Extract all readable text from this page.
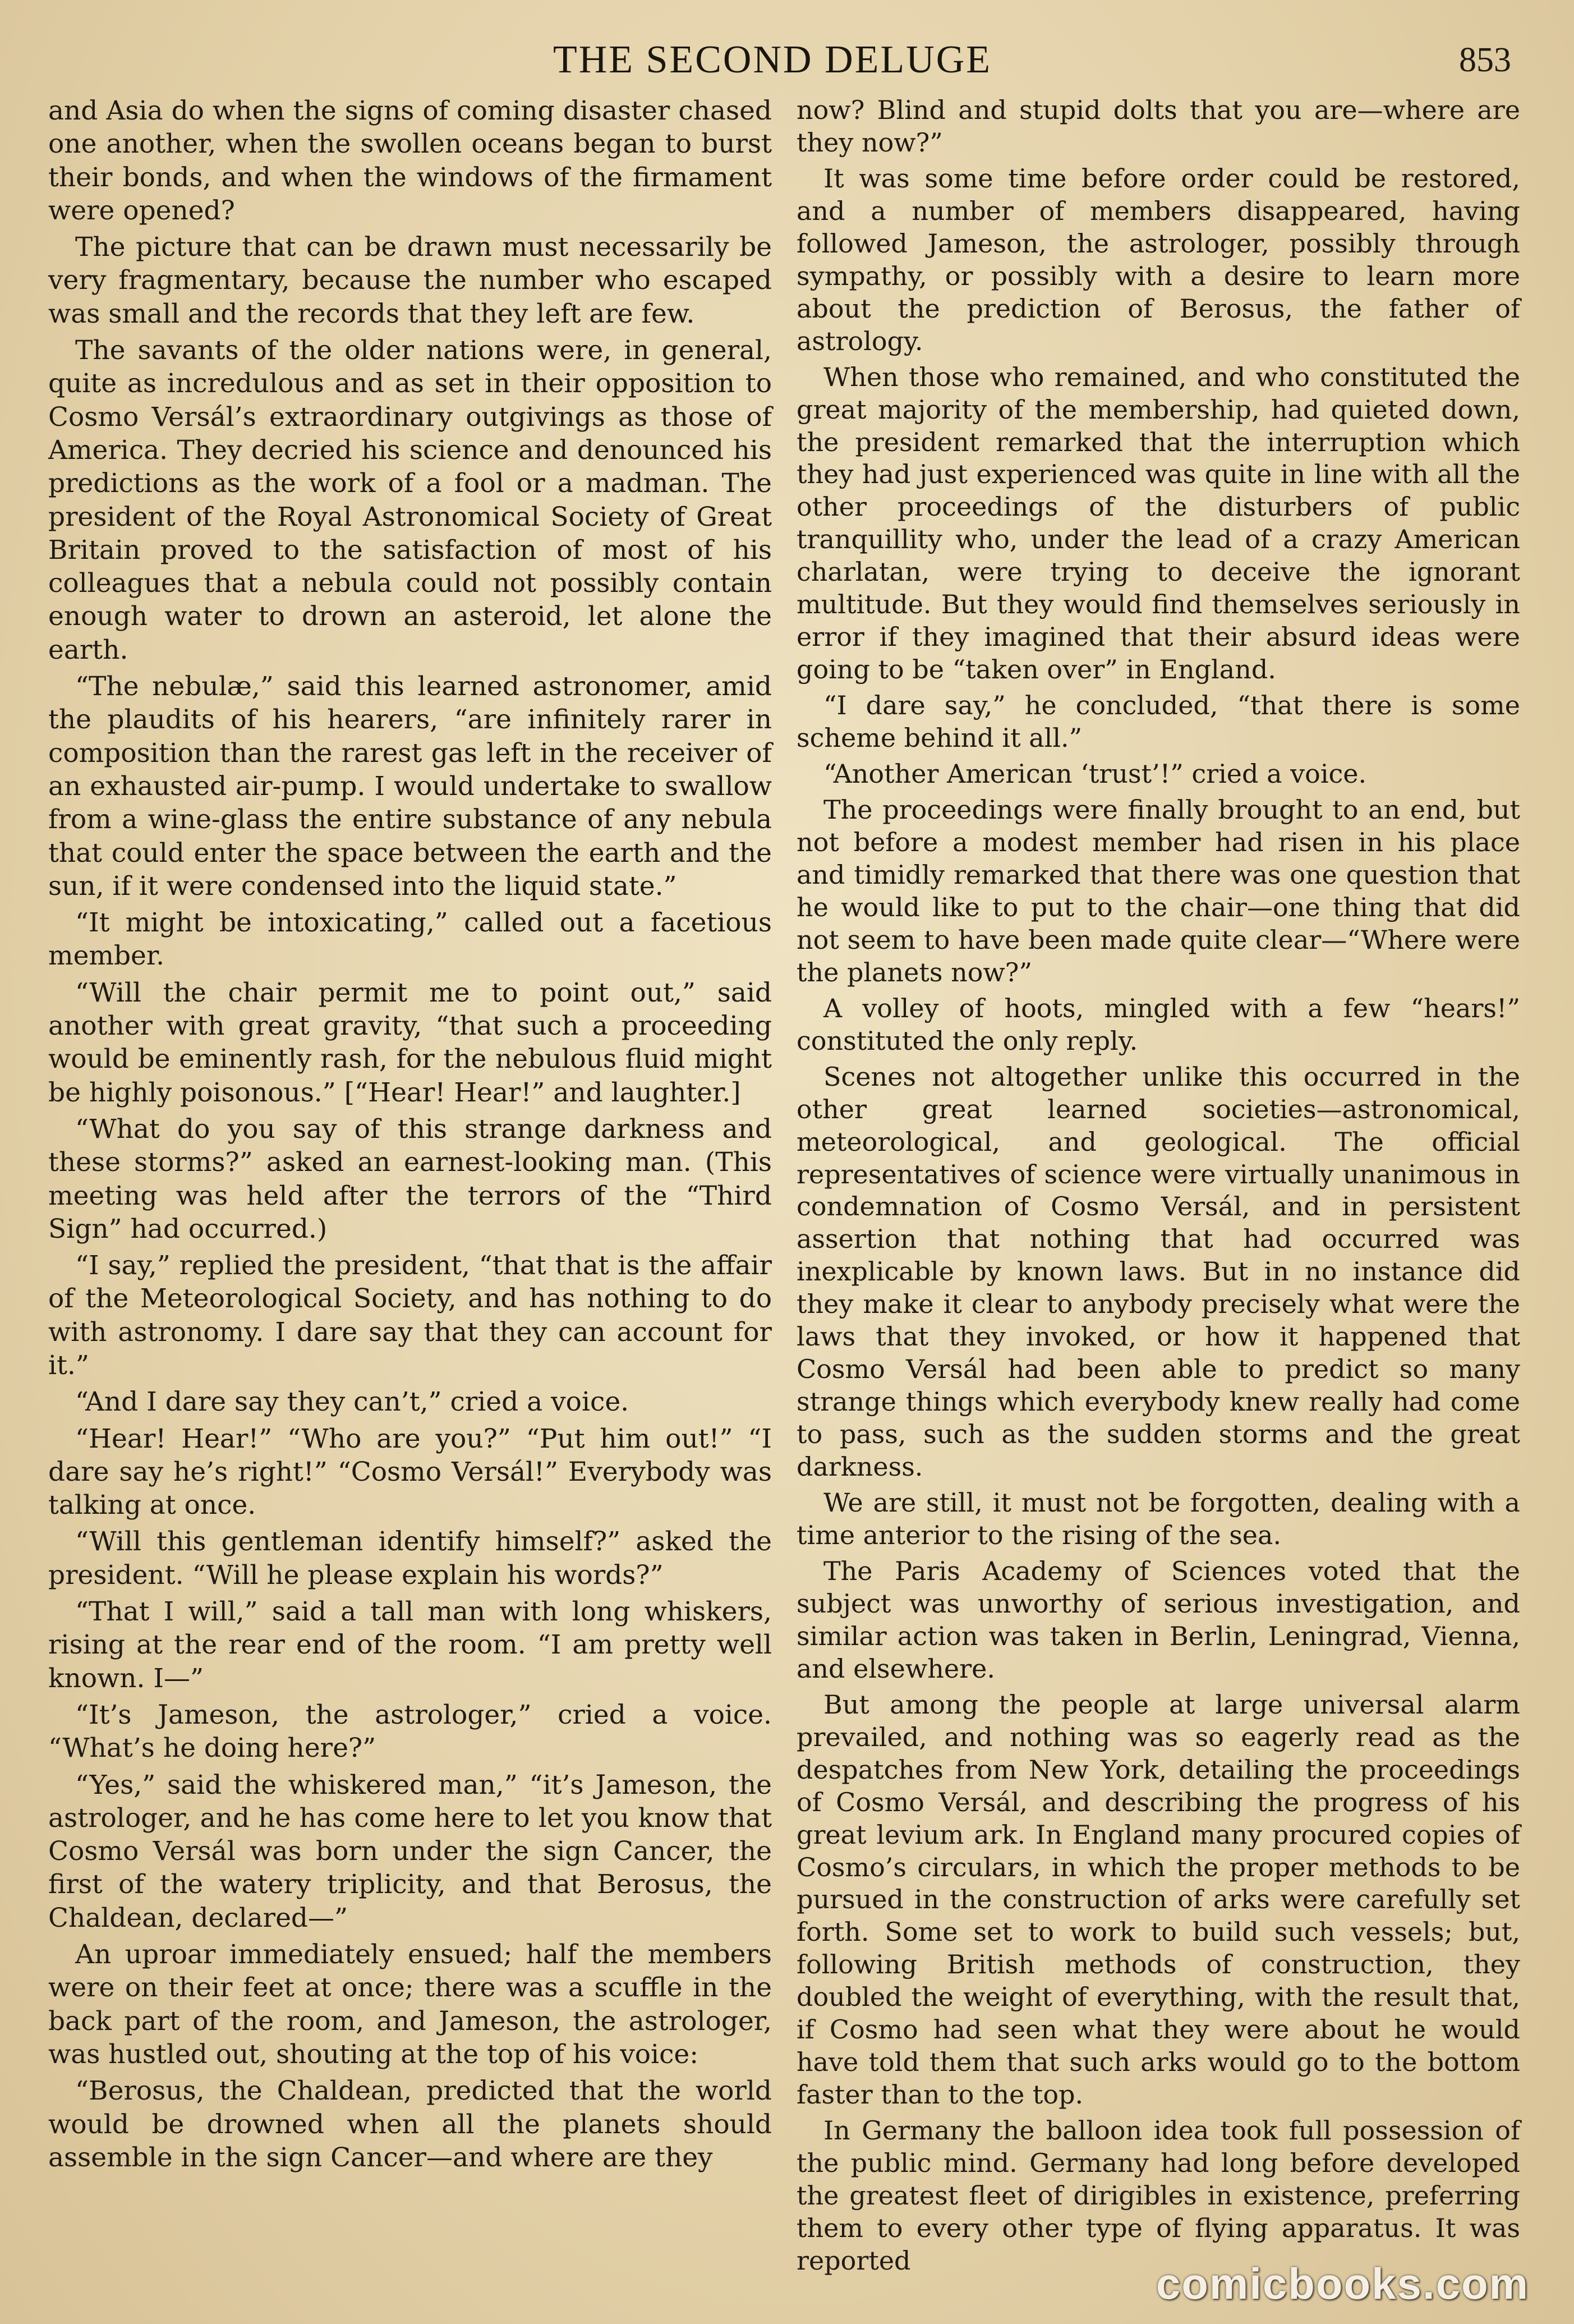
THE SECOND DELUGE	853

and Asia do when the signs of coming disaster chased one another, when the swollen oceans began to burst their bonds, and when the windows of the firmament were opened?

The picture that can be drawn must necessarily be very fragmentary, because the number who escaped was small and the records that they left are few.

The savants of the older nations were, in general, quite as incredulous and as set in their opposition to Cosmo Versál’s extraordinary outgivings as those of America. They decried his science and denounced his predictions as the work of a fool or a madman. The president of the Royal Astronomical Society of Great Britain proved to the satisfaction of most of his colleagues that a nebula could not possibly contain enough water to drown an asteroid, let alone the earth.

“The nebulæ,” said this learned astronomer, amid the plaudits of his hearers, “are infinitely rarer in composition than the rarest gas left in the receiver of an exhausted air-pump. I would undertake to swallow from a wine-glass the entire substance of any nebula that could enter the space between the earth and the sun, if it were condensed into the liquid state.”

“It might be intoxicating,” called out a facetious member.

“Will the chair permit me to point out,” said another with great gravity, “that such a proceeding would be eminently rash, for the nebulous fluid might be highly poisonous.” [“Hear! Hear!” and laughter.]

“What do you say of this strange darkness and these storms?” asked an earnest-looking man. (This meeting was held after the terrors of the “Third Sign” had occurred.)

“I say,” replied the president, “that that is the affair of the Meteorological Society, and has nothing to do with astronomy. I dare say that they can account for it.”

“And I dare say they can’t,” cried a voice.

“Hear! Hear!” “Who are you?” “Put him out!” “I dare say he’s right!” “Cosmo Versál!” Everybody was talking at once.

“Will this gentleman identify himself?” asked the president. “Will he please explain his words?”

“That I will,” said a tall man with long whiskers, rising at the rear end of the room. “I am pretty well known. I—”

“It’s Jameson, the astrologer,” cried a voice. “What’s he doing here?”

“Yes,” said the whiskered man,” “it’s Jameson, the astrologer, and he has come here to let you know that Cosmo Versál was born under the sign Cancer, the first of the watery triplicity, and that Berosus, the Chaldean, declared—”

An uproar immediately ensued; half the members were on their feet at once; there was a scuffle in the back part of the room, and Jameson, the astrologer, was hustled out, shouting at the top of his voice:

“Berosus, the Chaldean, predicted that the world would be drowned when all the planets should assemble in the sign Cancer—and where are they

now? Blind and stupid dolts that you are—where are they now?”

It was some time before order could be restored, and a number of members disappeared, having followed Jameson, the astrologer, possibly through sympathy, or possibly with a desire to learn more about the prediction of Berosus, the father of astrology.

When those who remained, and who constituted the great majority of the membership, had quieted down, the president remarked that the interruption which they had just experienced was quite in line with all the other proceedings of the disturbers of public tranquillity who, under the lead of a crazy American charlatan, were trying to deceive the ignorant multitude. But they would find themselves seriously in error if they imagined that their absurd ideas were going to be “taken over” in England.

“I dare say,” he concluded, “that there is some scheme behind it all.”

“Another American ‘trust’!” cried a voice.

The proceedings were finally brought to an end, but not before a modest member had risen in his place and timidly remarked that there was one question that he would like to put to the chair—one thing that did not seem to have been made quite clear—“Where were the planets now?”

A volley of hoots, mingled with a few “hears!” constituted the only reply.

Scenes not altogether unlike this occurred in the other great learned societies—astronomical, meteorological, and geological. The official representatives of science were virtually unanimous in condemnation of Cosmo Versál, and in persistent assertion that nothing that had occurred was inexplicable by known laws. But in no instance did they make it clear to anybody precisely what were the laws that they invoked, or how it happened that Cosmo Versál had been able to predict so many strange things which everybody knew really had come to pass, such as the sudden storms and the great darkness.

We are still, it must not be forgotten, dealing with a time anterior to the rising of the sea.

The Paris Academy of Sciences voted that the subject was unworthy of serious investigation, and similar action was taken in Berlin, Leningrad, Vienna, and elsewhere.

But among the people at large universal alarm prevailed, and nothing was so eagerly read as the despatches from New York, detailing the proceedings of Cosmo Versál, and describing the progress of his great levium ark. In England many procured copies of Cosmo’s circulars, in which the proper methods to be pursued in the construction of arks were carefully set forth. Some set to work to build such vessels; but, following British methods of construction, they doubled the weight of everything, with the result that, if Cosmo had seen what they were about he would have told them that such arks would go to the bottom faster than to the top.

In Germany the balloon idea took full possession of the public mind. Germany had long before developed the greatest fleet of dirigibles in existence, preferring them to every other type of flying apparatus. It was reported	comicbooks.com
